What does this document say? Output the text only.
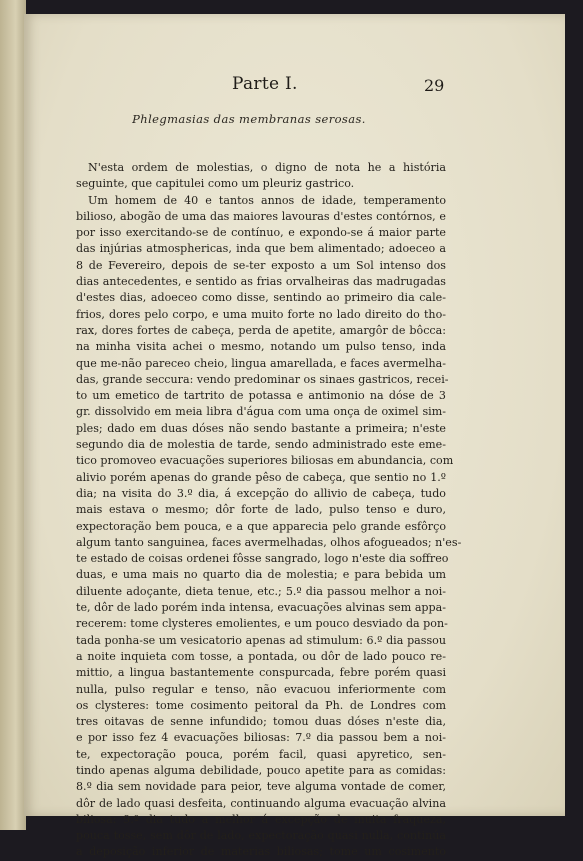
Parte I.	29
Phlegmasias das membranas serosas.
N'esta ordem de molestias, o digno de nota he a história
seguinte, que capitulei como um pleuriz gastrico.
Um homem de 40 e tantos annos de idade, temperamento
bilioso, abogão de uma das maiores lavouras d'estes contórnos, e
por isso exercitando-se de contínuo, e expondo-se á maior parte
das injúrias atmosphericas, inda que bem alimentado; adoeceo a
8 de Fevereiro, depois de se-ter exposto a um Sol intenso dos
dias antecedentes, e sentido as frias orvalheiras das madrugadas
d'estes dias, adoeceo como disse, sentindo ao primeiro dia cale-
frios, dores pelo corpo, e uma muito forte no lado direito do tho-
rax, dores fortes de cabeça, perda de apetite, amargôr de bôcca:
na minha visita achei o mesmo, notando um pulso tenso, inda
que me-não pareceo cheio, lingua amarellada, e faces avermelha-
das, grande seccura: vendo predominar os sinaes gastricos, recei-
to um emetico de tartrito de potassa e antimonio na dóse de 3
gr. dissolvido em meia libra d'água com uma onça de oximel sim-
ples; dado em duas dóses não sendo bastante a primeira; n'este
segundo dia de molestia de tarde, sendo administrado este eme-
tico promoveo evacuações superiores biliosas em abundancia, com
alivio porém apenas do grande pêso de cabeça, que sentio no 1.º
dia; na visita do 3.º dia, á excepção do allivio de cabeça, tudo
mais estava o mesmo; dôr forte de lado, pulso tenso e duro,
expectoração bem pouca, e a que apparecia pelo grande esfôrço
algum tanto sanguinea, faces avermelhadas, olhos afogueados; n'es-
te estado de coisas ordenei fôsse sangrado, logo n'este dia soffreo
duas, e uma mais no quarto dia de molestia; e para bebida um
diluente adoçante, dieta tenue, etc.; 5.º dia passou melhor a noi-
te, dôr de lado porém inda intensa, evacuações alvinas sem appa-
recerem: tome clysteres emolientes, e um pouco desviado da pon-
tada ponha-se um vesicatorio apenas ad stimulum: 6.º dia passou
a noite inquieta com tosse, a pontada, ou dôr de lado pouco re-
mittio, a lingua bastantemente conspurcada, febre porém quasi
nulla, pulso regular e tenso, não evacuou inferiormente com
os clysteres: tome cosimento peitoral da Ph. de Londres com
tres oitavas de senne infundido; tomou duas dóses n'este dia,
e por isso fez 4 evacuações biliosas: 7.º dia passou bem a noi-
te, expectoração pouca, porém facil, quasi apyretico, sen-
tindo apenas alguma debilidade, pouco apetite para as comidas:
8.º dia sem novidade para peior, teve alguma vontade de comer,
dôr de lado quasi desfeita, continuando alguma evacuação alvina
biliosa: 9.º dia tudo a melhor á excepção de muita fraqueza,
pouca tosse, sem dôr de lado, expectoração quasi nulla, continúa
a deposição inferior de materias biliosas; tome um cosimento
